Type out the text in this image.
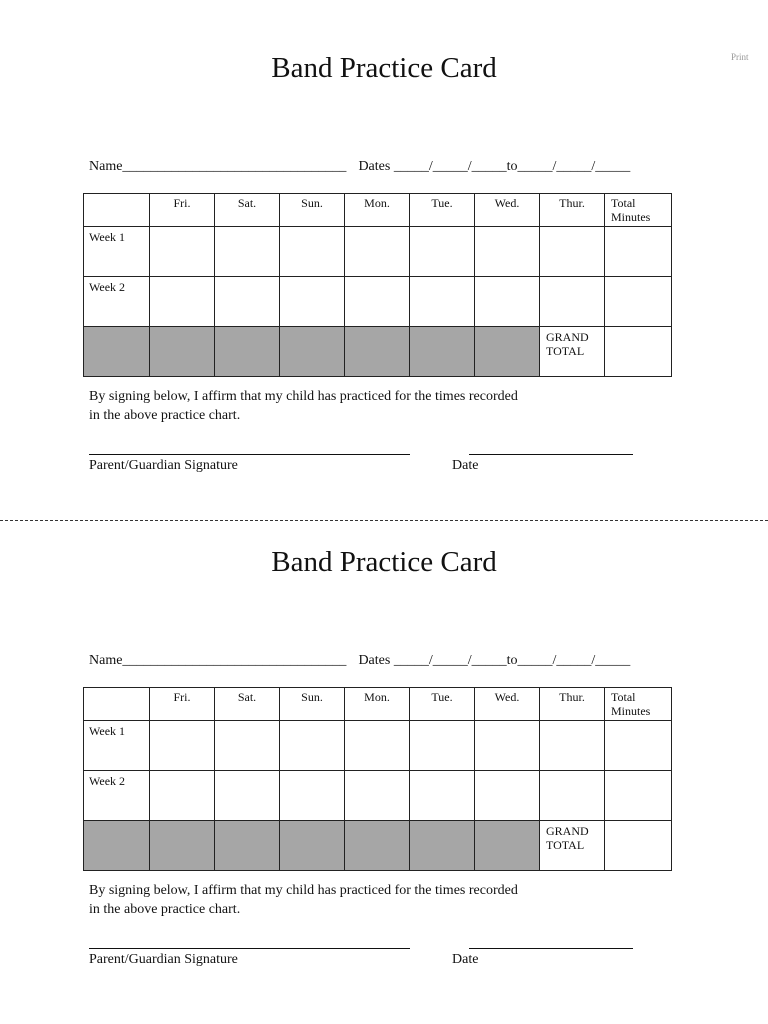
Print
Band Practice Card
Name________________________________ Dates _____/_____/_____to_____/_____/_____
	Fri.	Sat.	Sun.	Mon.	Tue.	Wed.	Thur.	Total
Minutes
Week 1								
Week 2								
							GRAND
TOTAL	

By signing below, I affirm that my child has practiced for the times recorded
in the above practice chart.

Parent/Guardian Signature	Date
Band Practice Card
Name________________________________ Dates _____/_____/_____to_____/_____/_____
	Fri.	Sat.	Sun.	Mon.	Tue.	Wed.	Thur.	Total
Minutes
Week 1								
Week 2								
							GRAND
TOTAL	

By signing below, I affirm that my child has practiced for the times recorded
in the above practice chart.

Parent/Guardian Signature	Date
